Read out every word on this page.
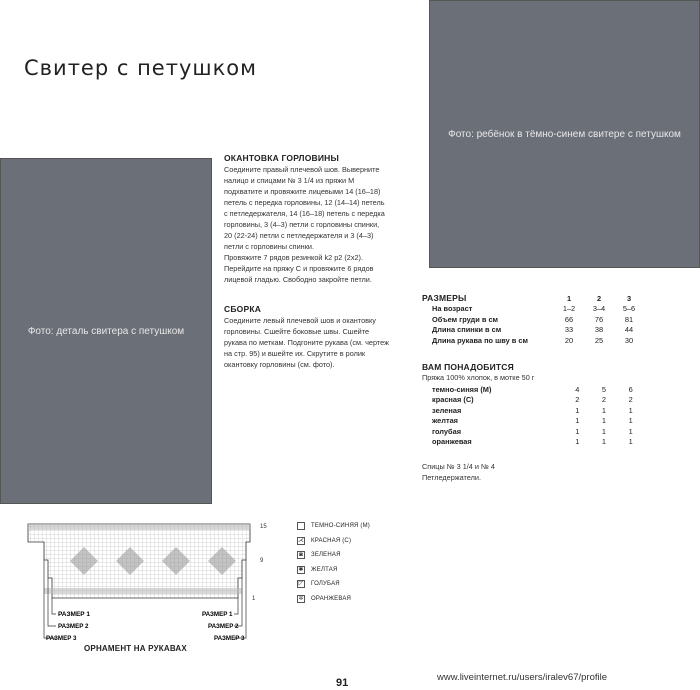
Свитер с петушком
Фото: ребёнок в тёмно-синем свитере с петушком
Фото: деталь свитера с петушком
ОКАНТОВКА ГОРЛОВИНЫ
Соедините правый плечевой шов. Выверните
налицо и спицами № 3 1/4 из пряжи М
подхватите и провяжите лицевыми 14 (16–18)
петель с передка горловины, 12 (14–14) петель
с петледержателя, 14 (16–18) петель с передка
горловины, 3 (4–3) петли с горловины спинки,
20 (22-24) петли с петледержателя и 3 (4–3)
петли с горловины спинки.
Провяжите 7 рядов резинкой k2 p2 (2x2).
Перейдите на пряжу С и провяжите 6 рядов
лицевой гладью. Свободно закройте петли.
СБОРКА
Соедините левый плечевой шов и окантовку
горловины. Сшейте боковые швы. Сшейте
рукава по меткам. Подгоните рукава (см. чертеж
на стр. 95) и вшейте их. Скрутите в ролик
окантовку горловины (см. фото).
РАЗМЕРЫ	1	2	3
На возраст	1–2	3–4	5–6
Объем груди в см	66	76	81
Длина спинки в см	33	38	44
Длина рукава по шву в см	20	25	30
ВАМ ПОНАДОБИТСЯ
Пряжа 100% хлопок, в мотке 50 г
темно-синяя (М)	4	5	6
красная (С)	2	2	2
зеленая	1	1	1
желтая	1	1	1
голубая	1	1	1
оранжевая	1	1	1
Спицы № 3 1/4 и № 4
Петледержатели.
15
9
1
РАЗМЕР 1
РАЗМЕР 2
РАЗМЕР 3
РАЗМЕР 1
РАЗМЕР 2
РАЗМЕР 3
ОРНАМЕНТ НА РУКАВАХ
ТЕМНО-СИНЯЯ (М)
⋌ КРАСНАЯ (С)
◙	ЗЕЛЕНАЯ
✱ ЖЕЛТАЯ
◸ ГОЛУБАЯ
✲ ОРАНЖЕВАЯ
91	www.liveinternet.ru/users/iralev67/profile
